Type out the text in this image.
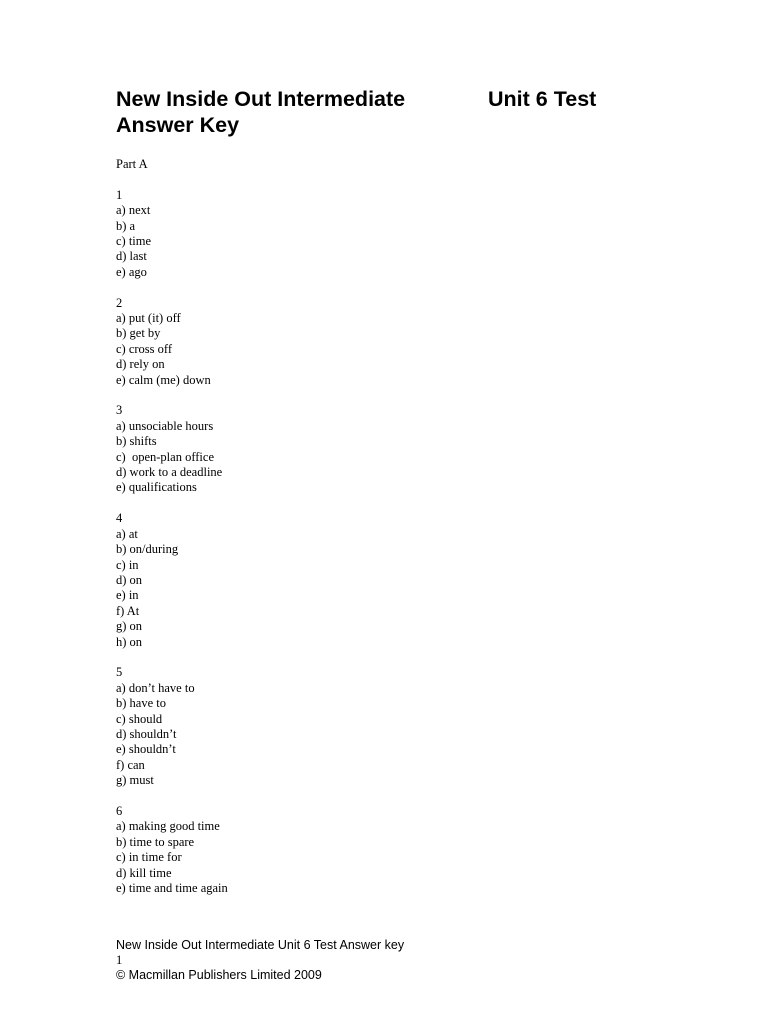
New Inside Out Intermediate	Unit 6 Test
Answer Key
Part A
1
a) next
b) a
c) time
d) last
e) ago
2
a) put (it) off
b) get by
c) cross off
d) rely on
e) calm (me) down
3
a) unsociable hours
b) shifts
c)  open-plan office
d) work to a deadline
e) qualifications
4
a) at
b) on/during
c) in
d) on
e) in
f) At
g) on
h) on
5
a) don’t have to
b) have to
c) should
d) shouldn’t
e) shouldn’t
f) can
g) must
6
a) making good time
b) time to spare
c) in time for
d) kill time
e) time and time again
New Inside Out Intermediate Unit 6 Test Answer key
1
© Macmillan Publishers Limited 2009
